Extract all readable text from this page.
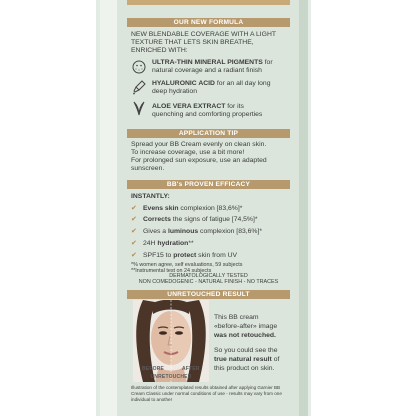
OUR NEW FORMULA
NEW BLENDABLE COVERAGE WITH A LIGHT
TEXTURE THAT LETS SKIN BREATHE,
ENRICHED WITH:
ULTRA-THIN MINERAL PIGMENTS for
natural coverage and a radiant finish
HYALURONIC ACID for an all day long
deep hydration
ALOE VERA EXTRACT for its
quenching and comforting properties
APPLICATION TIP
Spread your BB Cream evenly on clean skin.
To increase coverage, use a bit more!
For prolonged sun exposure, use an adapted
sunscreen.
BB's PROVEN EFFICACY
INSTANTLY:
✔ Evens skin complexion [83,6%]*
✔ Corrects the signs of fatigue [74,5%]*
✔ Gives a luminous complexion [83,6%]*
✔ 24H hydration**
✔ SPF15 to protect skin from UV
*% women agree, self evaluations, 59 subjects
**Instrumental test on 24 subjects
DERMATOLOGICALLY TESTED
NON COMEDOGENIC - NATURAL FINISH - NO TRACES
UNRETOUCHED RESULT
BEFORE	AFTER
UNRETOUCHED
This BB cream
«before-after» image
was not retouched.
So you could see the
true natural result of
this product on skin.
Illustration of the contemplated results obtained after applying Garnier BB
Cream Classic under normal conditions of use - results may vary from one
individual to another
